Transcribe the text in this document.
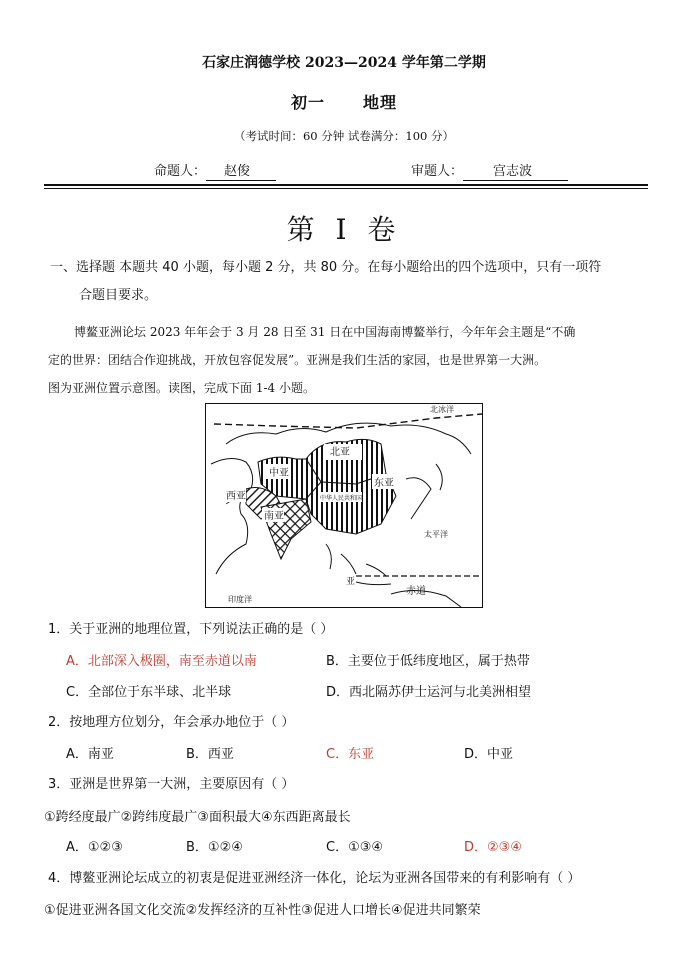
石家庄润德学校 2023—2024 学年第二学期
初一 地理
（考试时间：60 分钟 试卷满分：100 分）
命题人： 赵俊	审题人： 宫志波
第 I 卷
一、选择题 本题共 40 小题，每小题 2 分，共 80 分。在每小题给出的四个选项中，只有一项符
合题目要求。

博鳌亚洲论坛 2023 年年会于 3 月 28 日至 31 日在中国海南博鳌举行，今年年会主题是“不确

定的世界：团结合作迎挑战，开放包容促发展”。亚洲是我们生活的家园，也是世界第一大洲。
图为亚洲位置示意图。读图，完成下面 1-4 小题。
北冰洋
北亚
中亚
西亚
东亚
中华人民共和国
南亚
太平洋
亚
赤道
印度洋
1．关于亚洲的地理位置，下列说法正确的是（ ）
A．北部深入极圈，南至赤道以南	B．主要位于低纬度地区，属于热带
C．全部位于东半球、北半球	D．西北隔苏伊士运河与北美洲相望
2．按地理方位划分，年会承办地位于（ ）
A．南亚	B．西亚	C．东亚	D．中亚
3．亚洲是世界第一大洲，主要原因有（ ）
①跨经度最广②跨纬度最广③面积最大④东西距离最长
A．①②③	B．①②④	C．①③④	D．②③④
4．博鳌亚洲论坛成立的初衷是促进亚洲经济一体化，论坛为亚洲各国带来的有利影响有（ ）
①促进亚洲各国文化交流②发挥经济的互补性③促进人口增长④促进共同繁荣
